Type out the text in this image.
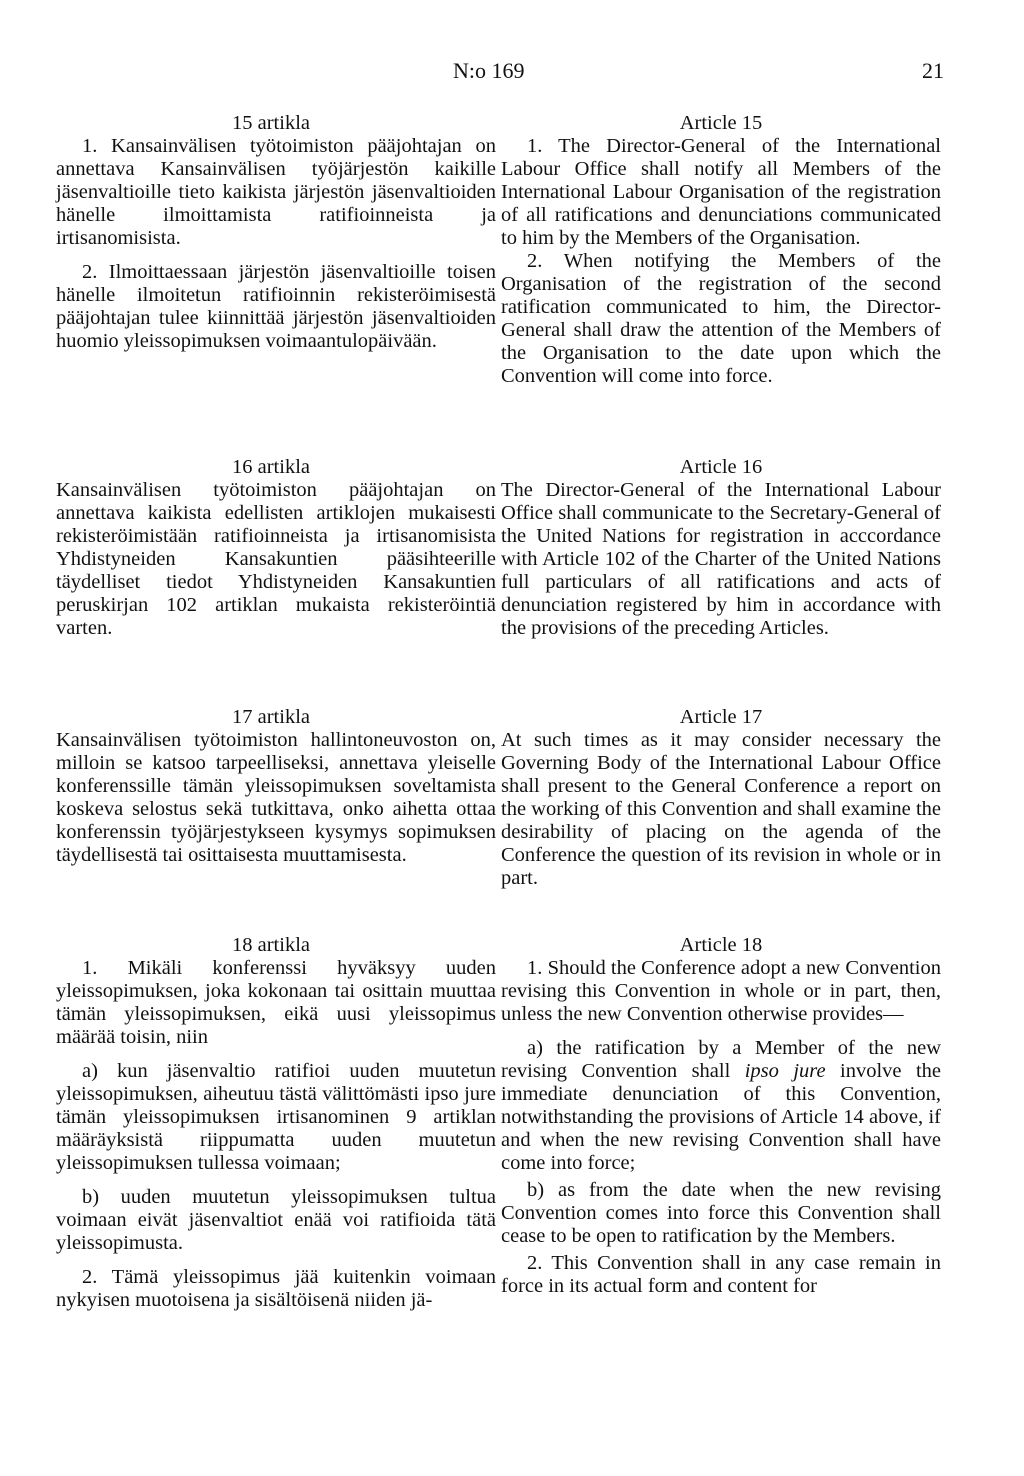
N:o 169	21
15 artikla

1. Kansainvälisen työtoimiston pääjohtajan on annettava Kansainvälisen työjärjestön kaikille jäsenvaltioille tieto kaikista järjestön jäsenvaltioiden hänelle ilmoittamista ratifioinneista ja irtisanomisista.

2. Ilmoittaessaan järjestön jäsenvaltioille toisen hänelle ilmoitetun ratifioinnin rekisteröimisestä pääjohtajan tulee kiinnittää järjestön jäsenvaltioiden huomio yleissopimuksen voimaantulopäivään.

Article 15

1. The Director-General of the International Labour Office shall notify all Members of the International Labour Organisation of the registration of all ratifications and denunciations communicated to him by the Members of the Organisation.

2. When notifying the Members of the Organisation of the registration of the second ratification communicated to him, the Director-General shall draw the attention of the Members of the Organisation to the date upon which the Convention will come into force.

16 artikla

Kansainvälisen työtoimiston pääjohtajan on annettava kaikista edellisten artiklojen mukaisesti rekisteröimistään ratifioinneista ja irtisanomisista Yhdistyneiden Kansakuntien pääsihteerille täydelliset tiedot Yhdistyneiden Kansakuntien peruskirjan 102 artiklan mukaista rekisteröintiä varten.

Article 16

The Director-General of the International Labour Office shall communicate to the Secretary-General of the United Nations for registration in acccordance with Article 102 of the Charter of the United Nations full particulars of all ratifications and acts of denunciation registered by him in accordance with the provisions of the preceding Articles.

17 artikla

Kansainvälisen työtoimiston hallintoneuvoston on, milloin se katsoo tarpeelliseksi, annettava yleiselle konferenssille tämän yleissopimuksen soveltamista koskeva selostus sekä tutkittava, onko aihetta ottaa konferenssin työjärjestykseen kysymys sopimuksen täydellisestä tai osittaisesta muuttamisesta.

Article 17

At such times as it may consider necessary the Governing Body of the International Labour Office shall present to the General Conference a report on the working of this Convention and shall examine the desirability of placing on the agenda of the Conference the question of its revision in whole or in part.

18 artikla

1. Mikäli konferenssi hyväksyy uuden yleissopimuksen, joka kokonaan tai osittain muuttaa tämän yleissopimuksen, eikä uusi yleissopimus määrää toisin, niin

a) kun jäsenvaltio ratifioi uuden muutetun yleissopimuksen, aiheutuu tästä välittömästi ipso jure tämän yleissopimuksen irtisanominen 9 artiklan määräyksistä riippumatta uuden muutetun yleissopimuksen tullessa voimaan;

b) uuden muutetun yleissopimuksen tultua voimaan eivät jäsenvaltiot enää voi ratifioida tätä yleissopimusta.

2. Tämä yleissopimus jää kuitenkin voimaan nykyisen muotoisena ja sisältöisenä niiden jä-

Article 18

1. Should the Conference adopt a new Convention revising this Convention in whole or in part, then, unless the new Convention otherwise provides—

a) the ratification by a Member of the new revising Convention shall ipso jure involve the immediate denunciation of this Convention, notwithstanding the provisions of Article 14 above, if and when the new revising Convention shall have come into force;

b) as from the date when the new revising Convention comes into force this Convention shall cease to be open to ratification by the Members.

2. This Convention shall in any case remain in force in its actual form and content for
